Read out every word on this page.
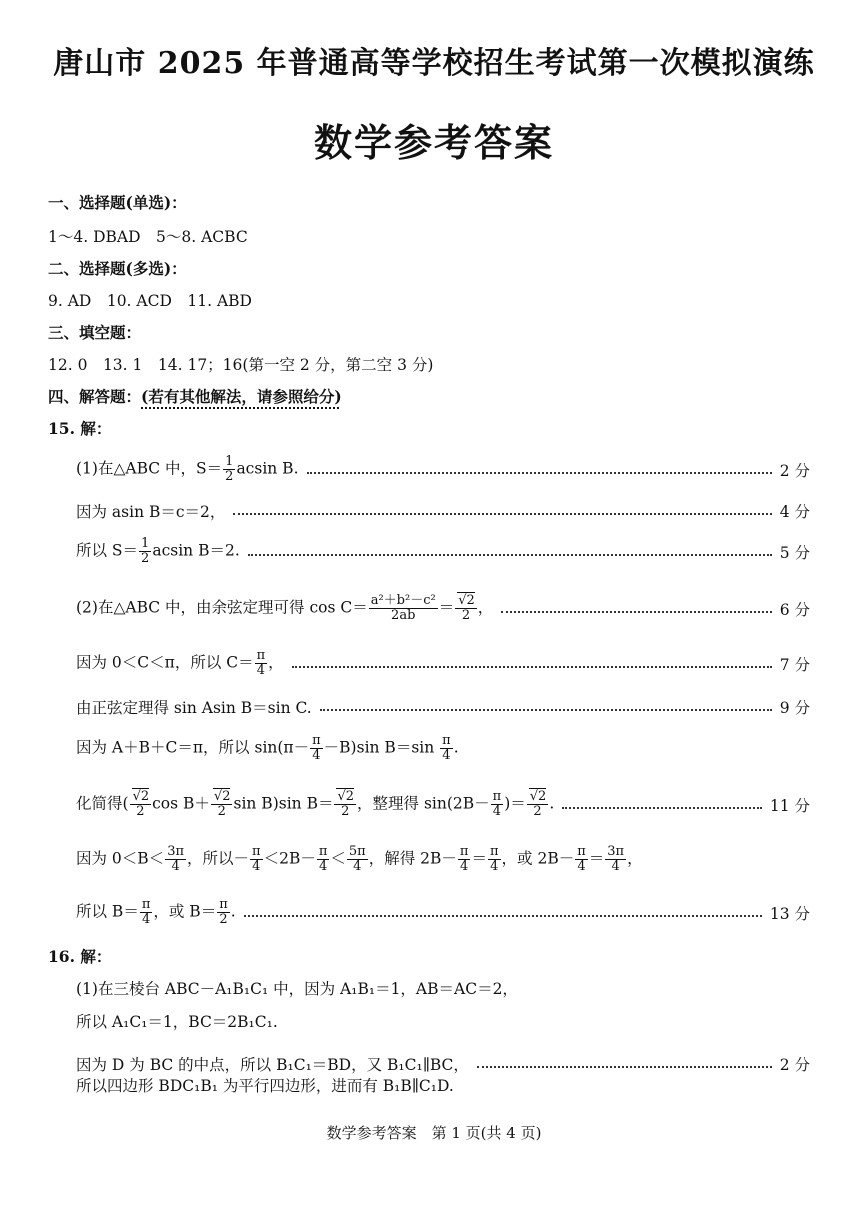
唐山市 2025 年普通高等学校招生考试第一次模拟演练
数学参考答案
一、选择题(单选)：
1～4. DBAD　5～8. ACBC
二、选择题(多选)：
9. AD　10. ACD　11. ABD
三、填空题：
12. 0　13. 1　14. 17；16(第一空 2 分，第二空 3 分)
四、解答题：(若有其他解法，请参照给分)
15. 解：
(1)在△ABC 中，$S= \frac{1}{2}$ acsin B.	2 分
因为 asin B＝c＝2，	4 分
所以 $S= \frac{1}{2}$ acsin B＝2.	5 分
(2)在△ABC 中，由余弦定理可得 $\cos C= \frac{\text{a²＋b²－c²}}{2ab} = \frac{√2}{2}$ ，	6 分
因为 0＜C＜π，所以 $C= \frac{\pi}{4}$ ，	7 分
由正弦定理得 sin Asin B＝sin C.	9 分
因为 A＋B＋C＝π，所以 $\sin(\pi- \frac{\pi}{4} -B)\sin$ $B=\sin \frac{\pi}{4}$ .
化简得( $\frac{√2}{2}$ $\cos B+ \frac{√2}{2}$ sin B)sin $B= \frac{√2}{2}$ ，整理得 $\sin(2B- \frac{\pi}{4}$ )＝ $\frac{√2}{2}$ .	11 分
因为 $0<B< \frac{3\pi}{4}$ ，所以－ $\frac{\pi}{4} <2B- \frac{\pi}{4} < \frac{5\pi}{4}$ ，解得 $2B- \frac{\pi}{4} = \frac{\pi}{4}$ ，或 $2B- \frac{\pi}{4} = \frac{3\pi}{4}$ ，
所以 $B= \frac{\pi}{4}$ ，或 $B= \frac{\pi}{2}$ .	13 分
16. 解：
(1)在三棱台 ABC－A₁B₁C₁ 中，因为 A₁B₁＝1，AB＝AC＝2，
所以 A₁C₁＝1，BC＝2B₁C₁.
因为 D 为 BC 的中点，所以 B₁C₁＝BD，又 B₁C₁∥BC，	2 分
所以四边形 BDC₁B₁ 为平行四边形，进而有 B₁B∥C₁D.
数学参考答案　第 1 页(共 4 页)
